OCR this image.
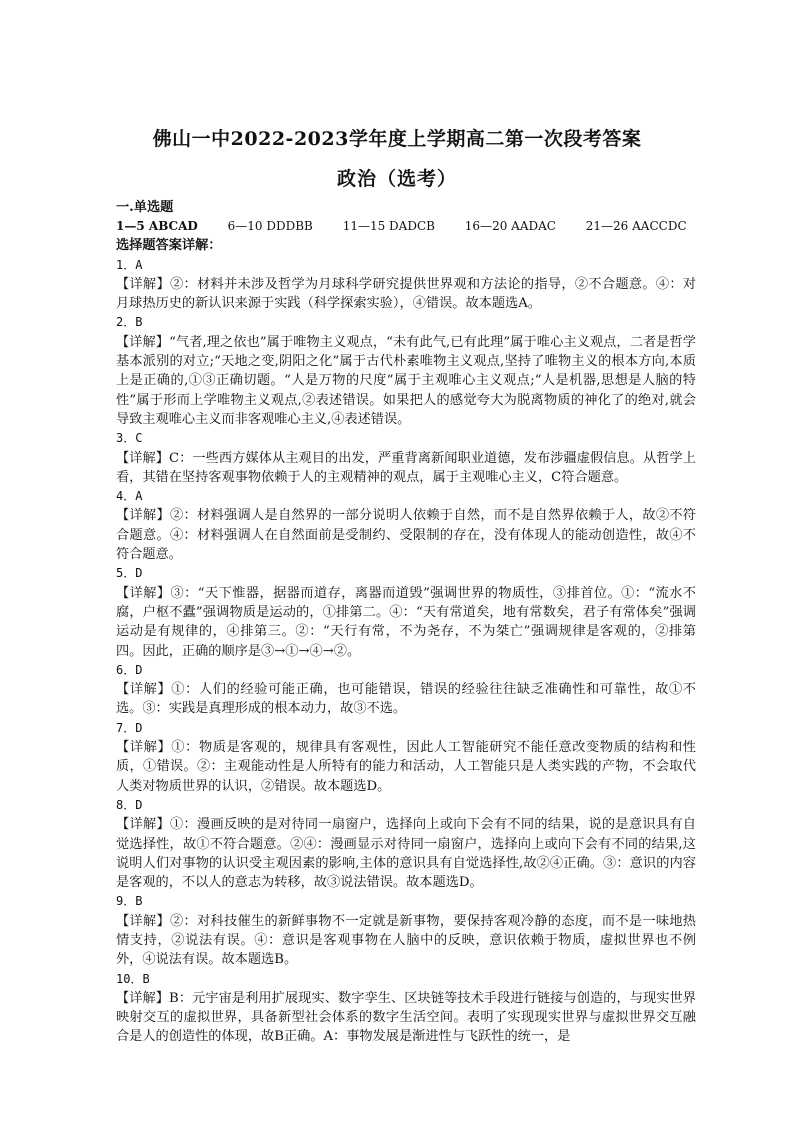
佛山一中2022-2023学年度上学期高二第一次段考答案
政治（选考）
一.单选题
1—5 ABCAD 6—10 DDDBB 11—15 DADCB 16—20 AADAC 21—26 AACCDC
选择题答案详解：
1．A
【详解】②：材料并未涉及哲学为月球科学研究提供世界观和方法论的指导，②不合题意。④：对月球热历史的新认识来源于实践（科学探索实验），④错误。故本题选A。
2．B
【详解】“气者,理之依也”属于唯物主义观点，“未有此气,已有此理”属于唯心主义观点，二者是哲学基本派别的对立;“天地之变,阴阳之化”属于古代朴素唯物主义观点,坚持了唯物主义的根本方向,本质上是正确的,①③正确切题。“人是万物的尺度”属于主观唯心主义观点;“人是机器,思想是人脑的特性”属于形而上学唯物主义观点,②表述错误。如果把人的感觉夸大为脱离物质的神化了的绝对,就会导致主观唯心主义而非客观唯心主义,④表述错误。
3．C
【详解】C：一些西方媒体从主观目的出发，严重背离新闻职业道德，发布涉疆虚假信息。从哲学上看，其错在坚持客观事物依赖于人的主观精神的观点，属于主观唯心主义，C符合题意。
4．A
【详解】②：材料强调人是自然界的一部分说明人依赖于自然，而不是自然界依赖于人，故②不符合题意。④：材料强调人在自然面前是受制约、受限制的存在，没有体现人的能动创造性，故④不符合题意。
5．D
【详解】③：“天下惟器，据器而道存，离器而道毁”强调世界的物质性，③排首位。①：“流水不腐，户枢不蠹”强调物质是运动的，①排第二。④：“天有常道矣，地有常数矣，君子有常体矣”强调运动是有规律的，④排第三。②：“天行有常，不为尧存，不为桀亡”强调规律是客观的，②排第四。因此，正确的顺序是③→①→④→②。
6．D
【详解】①：人们的经验可能正确，也可能错误，错误的经验往往缺乏准确性和可靠性，故①不选。③：实践是真理形成的根本动力，故③不选。
7．D
【详解】①：物质是客观的，规律具有客观性，因此人工智能研究不能任意改变物质的结构和性质，①错误。②：主观能动性是人所特有的能力和活动，人工智能只是人类实践的产物，不会取代人类对物质世界的认识，②错误。故本题选D。
8．D
【详解】①：漫画反映的是对待同一扇窗户，选择向上或向下会有不同的结果，说的是意识具有自觉选择性，故①不符合题意。②④：漫画显示对待同一扇窗户，选择向上或向下会有不同的结果,这说明人们对事物的认识受主观因素的影响,主体的意识具有自觉选择性,故②④正确。③：意识的内容是客观的，不以人的意志为转移，故③说法错误。故本题选D。
9．B
【详解】②：对科技催生的新鲜事物不一定就是新事物，要保持客观冷静的态度，而不是一味地热情支持，②说法有误。④：意识是客观事物在人脑中的反映，意识依赖于物质，虚拟世界也不例外，④说法有误。故本题选B。
10．B
【详解】B：元宇宙是利用扩展现实、数字孪生、区块链等技术手段进行链接与创造的，与现实世界映射交互的虚拟世界，具备新型社会体系的数字生活空间。表明了实现现实世界与虚拟世界交互融合是人的创造性的体现，故B正确。A：事物发展是渐进性与飞跃性的统一，是
